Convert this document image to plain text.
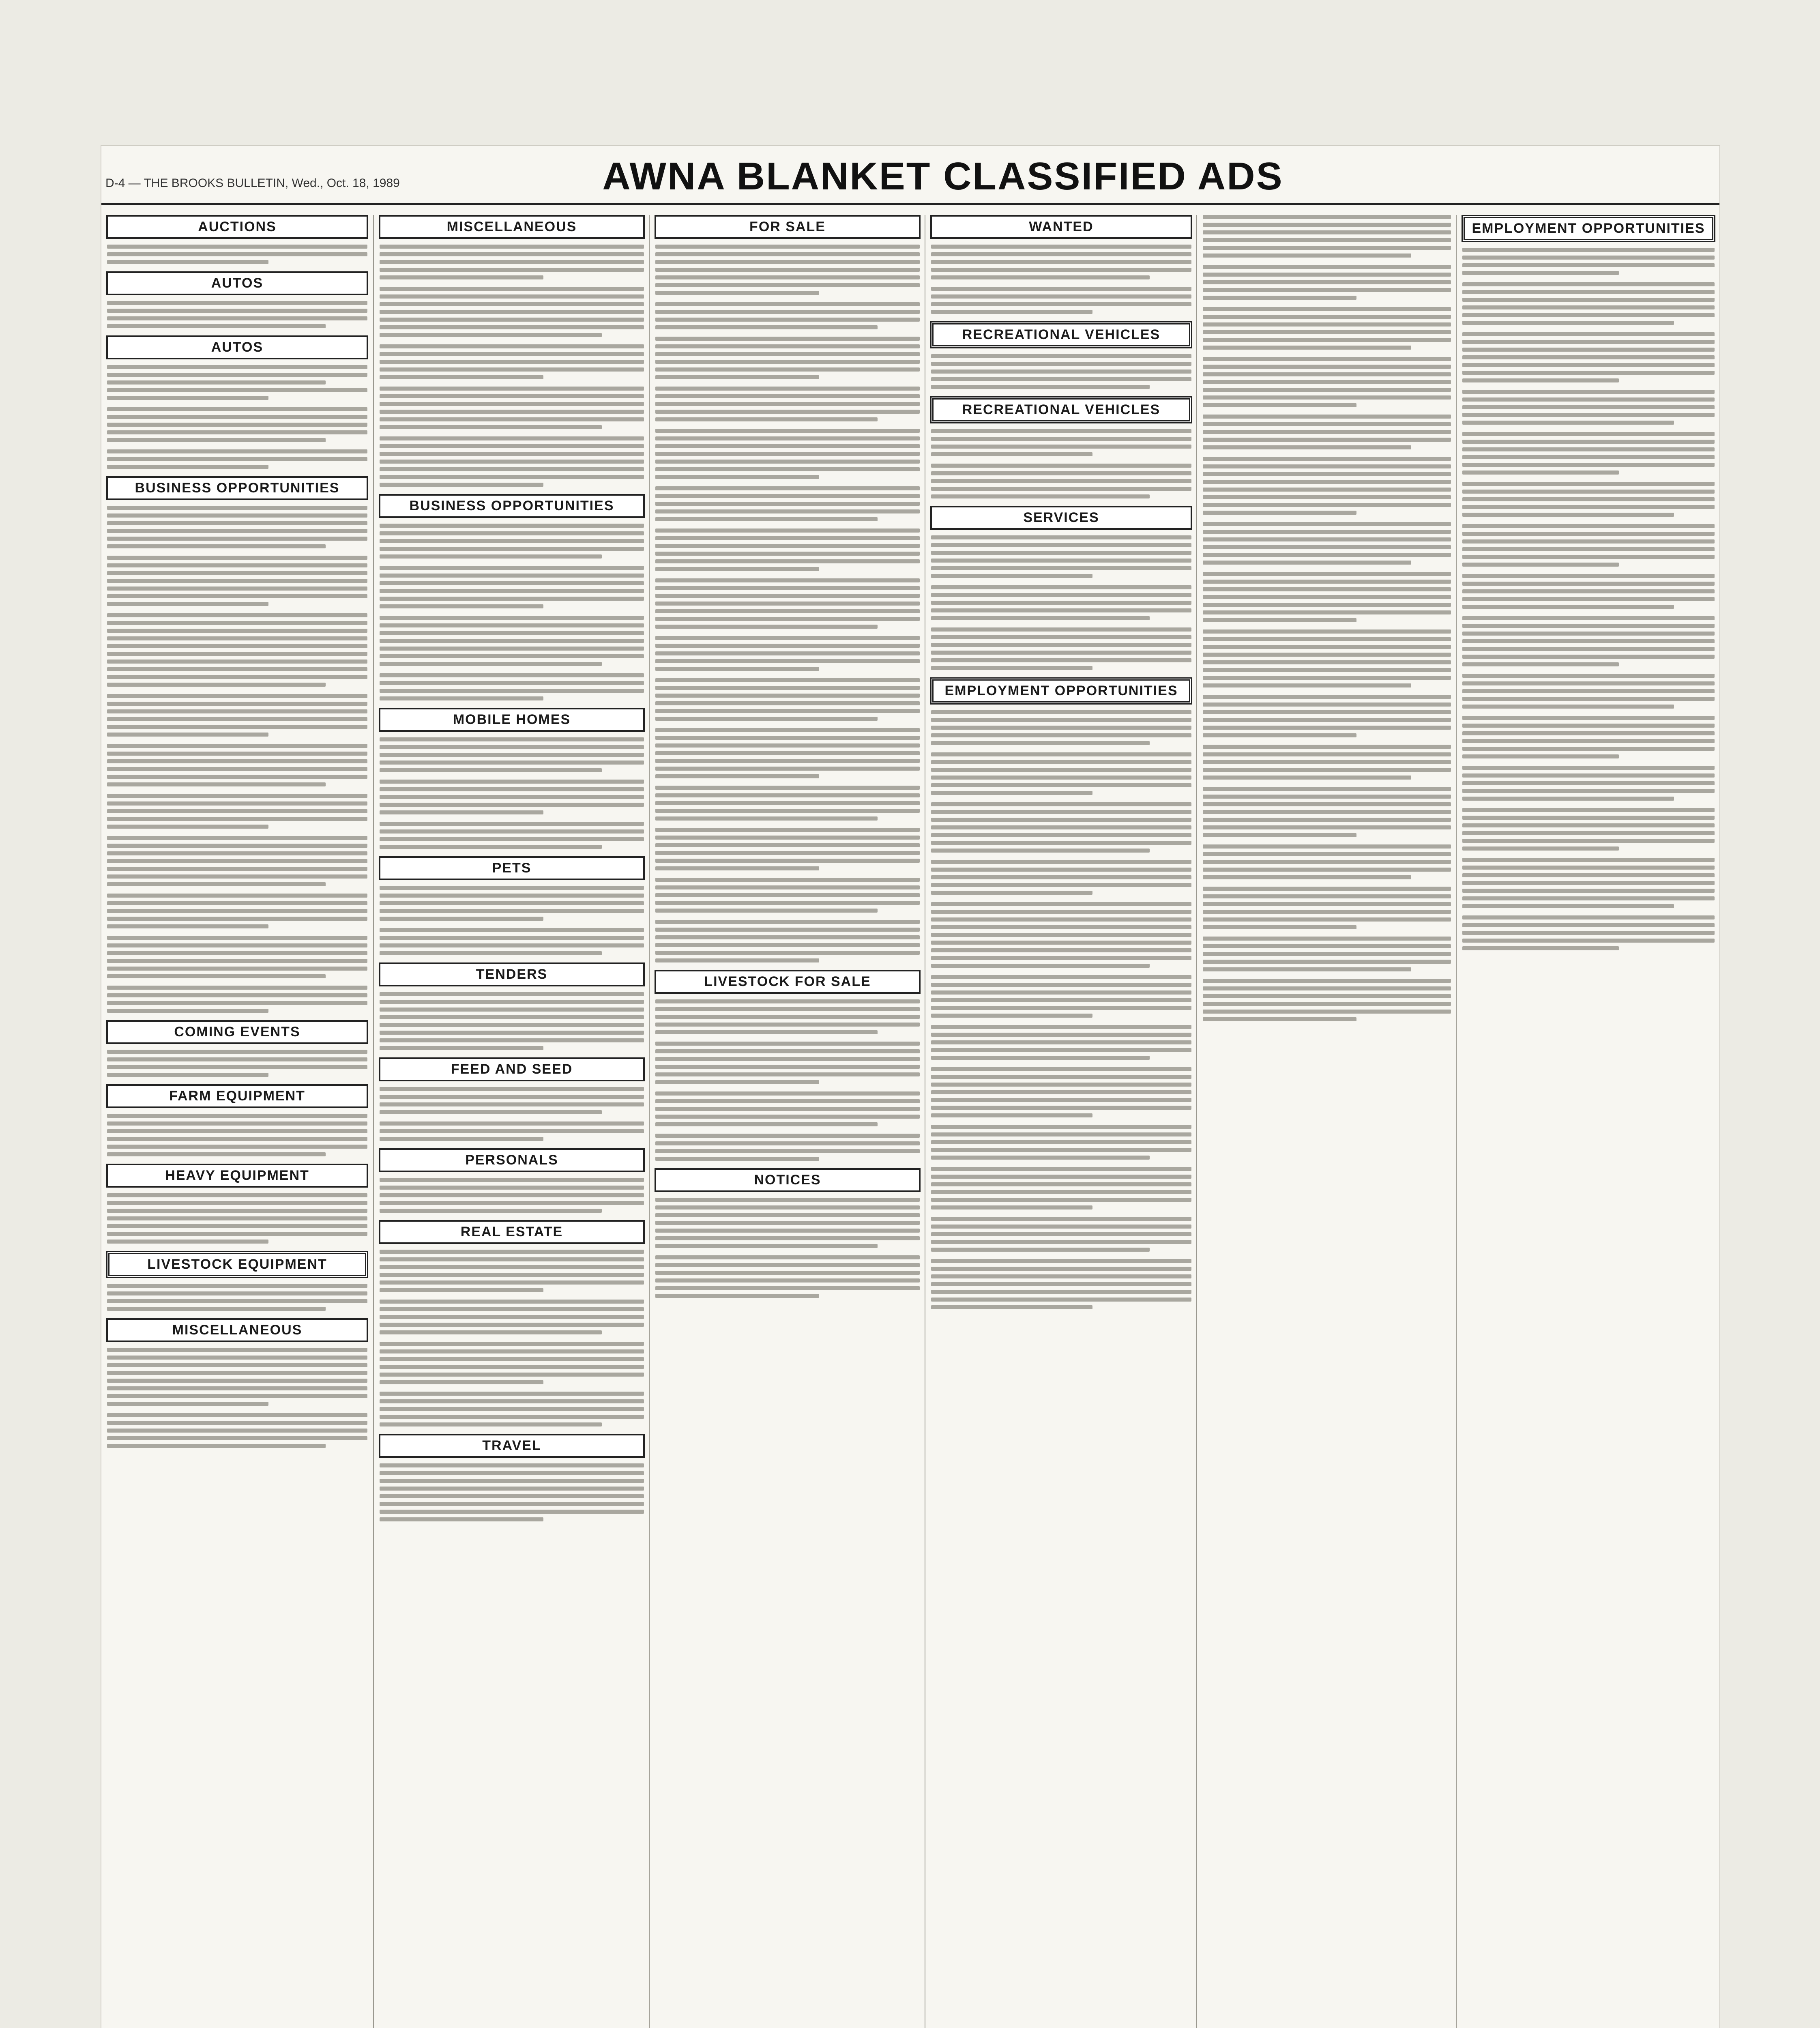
D-4 — THE BROOKS BULLETIN, Wed., Oct. 18, 1989	AWNA BLANKET CLASSIFIED ADS
AUCTIONS
AUTOS
AUTOS
BUSINESS OPPORTUNITIES
COMING EVENTS
FARM EQUIPMENT
HEAVY EQUIPMENT
LIVESTOCK EQUIPMENT
MISCELLANEOUS
MISCELLANEOUS
BUSINESS OPPORTUNITIES
MOBILE HOMES
PETS
TENDERS
FEED AND SEED
PERSONALS
REAL ESTATE
TRAVEL
FOR SALE
LIVESTOCK FOR SALE
NOTICES
WANTED
RECREATIONAL VEHICLES
RECREATIONAL VEHICLES
SERVICES
EMPLOYMENT OPPORTUNITIES
EMPLOYMENT OPPORTUNITIES
